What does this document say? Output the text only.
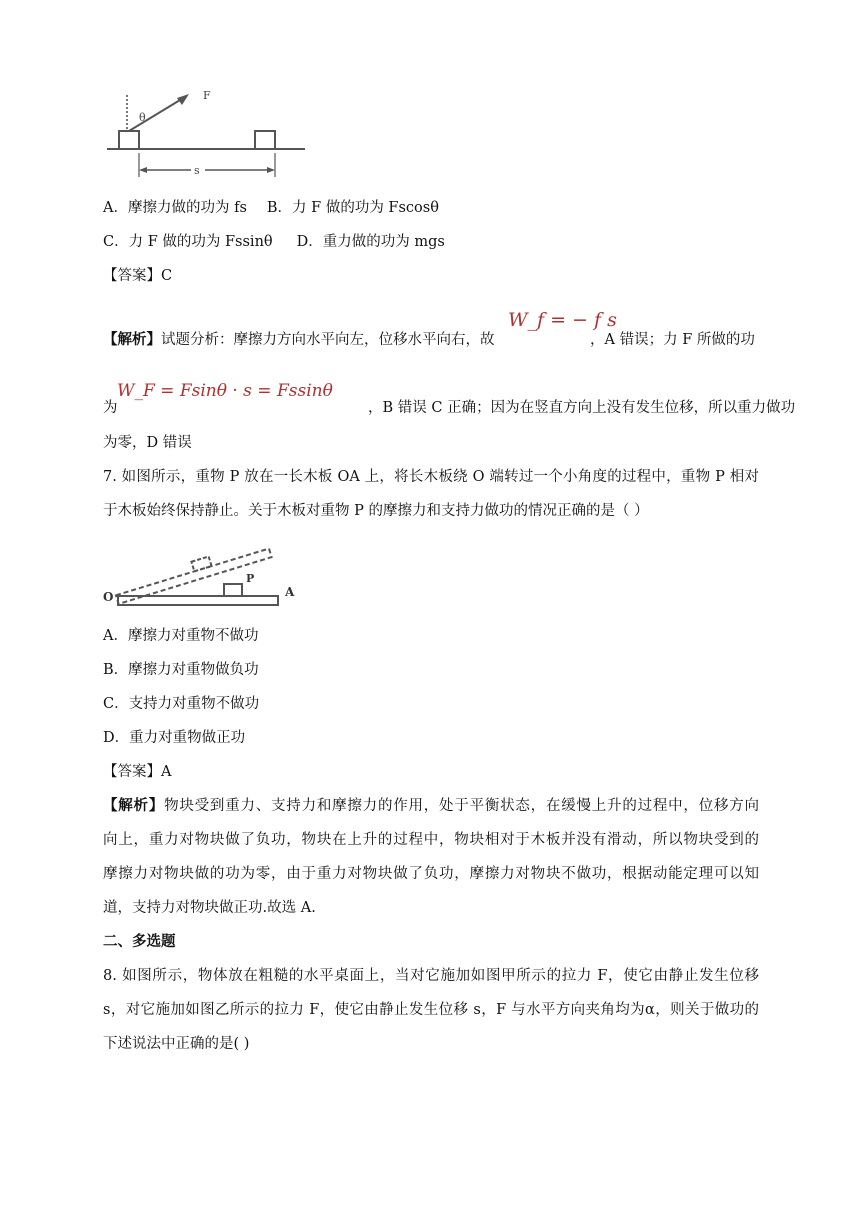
F
θ
s
A．摩擦力做的功为 fs B．力 F 做的功为 Fscosθ
C．力 F 做的功为 Fssinθ D．重力做的功为 mgs
【答案】C
【解析】试题分析：摩擦力方向水平向左，位移水平向右，故
W_f = − f s
，A 错误；力 F 所做的功
为
W_F = Fsinθ · s = Fssinθ
，B 错误 C 正确；因为在竖直方向上没有发生位移，所以重力做功
为零，D 错误
7. 如图所示，重物 P 放在一长木板 OA 上，将长木板绕 O 端转过一个小角度的过程中，重物 P 相对
于木板始终保持静止。关于木板对重物 P 的摩擦力和支持力做功的情况正确的是（ ）
O
P
A
A．摩擦力对重物不做功
B．摩擦力对重物做负功
C．支持力对重物不做功
D．重力对重物做正功
【答案】A
【解析】物块受到重力、支持力和摩擦力的作用，处于平衡状态，在缓慢上升的过程中，位移方向
向上，重力对物块做了负功，物块在上升的过程中，物块相对于木板并没有滑动，所以物块受到的
摩擦力对物块做的功为零，由于重力对物块做了负功，摩擦力对物块不做功，根据动能定理可以知
道，支持力对物块做正功.故选 A.
二、多选题
8. 如图所示，物体放在粗糙的水平桌面上，当对它施加如图甲所示的拉力 F，使它由静止发生位移
s，对它施加如图乙所示的拉力 F，使它由静止发生位移 s，F 与水平方向夹角均为α，则关于做功的
下述说法中正确的是( )
